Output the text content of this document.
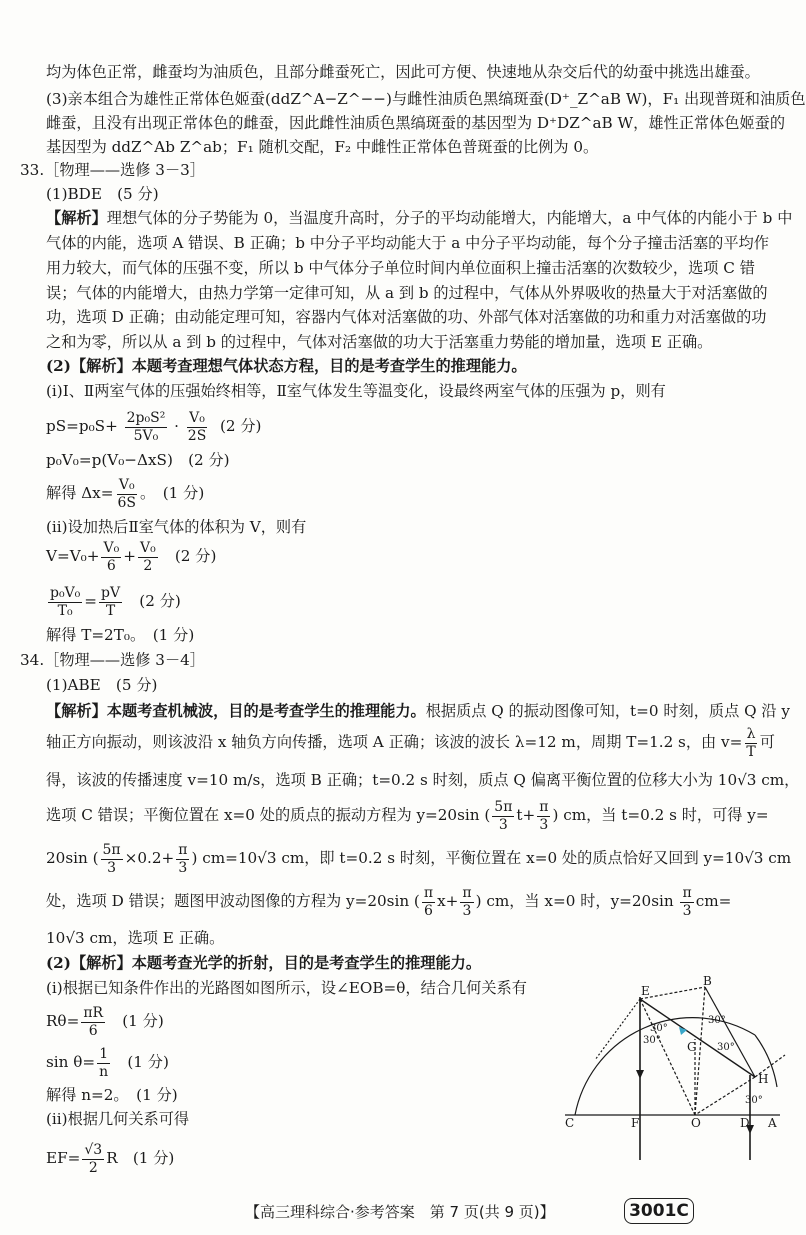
均为体色正常，雌蚕均为油质色，且部分雌蚕死亡，因此可方便、快速地从杂交后代的幼蚕中挑选出雄蚕。
(3)亲本组合为雄性正常体色姬蚕(ddZ^A−Z^−−)与雌性油质色黑缟斑蚕(D⁺_Z^aB W)，F₁ 出现普斑和油质色
雌蚕，且没有出现正常体色的雌蚕，因此雌性油质色黑缟斑蚕的基因型为 D⁺DZ^aB W，雄性正常体色姬蚕的
基因型为 ddZ^Ab Z^ab；F₁ 随机交配，F₂ 中雌性正常体色普斑蚕的比例为 0。
33.［物理——选修 3－3］
(1)BDE　(5 分)
【解析】理想气体的分子势能为 0，当温度升高时，分子的平均动能增大，内能增大，a 中气体的内能小于 b 中
气体的内能，选项 A 错误、B 正确；b 中分子平均动能大于 a 中分子平均动能，每个分子撞击活塞的平均作
用力较大，而气体的压强不变，所以 b 中气体分子单位时间内单位面积上撞击活塞的次数较少，选项 C 错
误；气体的内能增大，由热力学第一定律可知，从 a 到 b 的过程中，气体从外界吸收的热量大于对活塞做的
功，选项 D 正确；由动能定理可知，容器内气体对活塞做的功、外部气体对活塞做的功和重力对活塞做的功
之和为零，所以从 a 到 b 的过程中，气体对活塞做的功大于活塞重力势能的增加量，选项 E 正确。
(2)【解析】本题考查理想气体状态方程，目的是考查学生的推理能力。
(ⅰ)Ⅰ、Ⅱ两室气体的压强始终相等，Ⅱ室气体发生等温变化，设最终两室气体的压强为 p，则有
$pS=p_0S+ \frac{\text{2p₀S²}}{\text{5V₀}} \cdot \frac{\text{V₀}}{2S} (2$ 分)
p₀V₀=p(V₀−ΔxS)　 (2 分)
解得 $\Delta x= \frac{\text{V₀}}{6S}$ 。　 (1 分)
(ⅱ)设加热后Ⅱ室气体的体积为 V，则有
$V=V_0+ \frac{\text{V₀}}{6} + \frac{\text{V₀}}{2}$
　 (2 分)
$\frac{\text{p₀V₀}}{\text{T₀}} = \frac{pV}{T}$
　 (2 分)
解得 T=2T₀。　(1 分)
34.［物理——选修 3－4］
(1)ABE　(5 分)
【解析】本题考查机械波，目的是考查学生的推理能力。根据质点 Q 的振动图像可知，t=0 时刻，质点 Q 沿 y
轴正方向振动，则该波沿 x 轴负方向传播，选项 A 正确；该波的波长 λ=12 m，周期 T=1.2 s，由 $v= \frac{\lambda}{T}$ 可
得，该波的传播速度 v=10 m/s，选项 B 正确；t=0.2 s 时刻，质点 Q 偏离平衡位置的位移大小为 10√3 cm，
选项 C 错误；平衡位置在 x=0 处的质点的振动方程为 y=20sin ( $\frac{5\pi}{3} t+ \frac{\pi}{3}$ ) cm，当 t=0.2 s 时，可得 y=
20sin ( $\frac{5\pi}{3} \times 0.2+ \frac{\pi}{3}$ ) cm=10√3 cm，即 t=0.2 s 时刻，平衡位置在 x=0 处的质点恰好又回到 y=10√3 cm
处，选项 D 错误；题图甲波动图像的方程为 y=20sin ( $\frac{\pi}{6} x+ \frac{\pi}{3}$ ) cm，当 x=0 时，$y=20\sin \frac{\pi}{3} cm=$
10√3 cm，选项 E 正确。
(2)【解析】本题考查光学的折射，目的是考查学生的推理能力。
(ⅰ)根据已知条件作出的光路图如图所示，设∠EOB=θ，结合几何关系有
$R\theta= \frac{\pi R}{6}$
　 (1 分)
$\sin \theta= \frac{1}{n}$
　 (1 分)
解得 n=2。　(1 分)
(ⅱ)根据几何关系可得
$EF= \frac{√3}{2}$ R　(1 分)
E
B
G
H
C	F	O	D A
30°
30°
30°
30°
30°
【高三理科综合·参考答案　第 7 页(共 9 页)】	3001C
